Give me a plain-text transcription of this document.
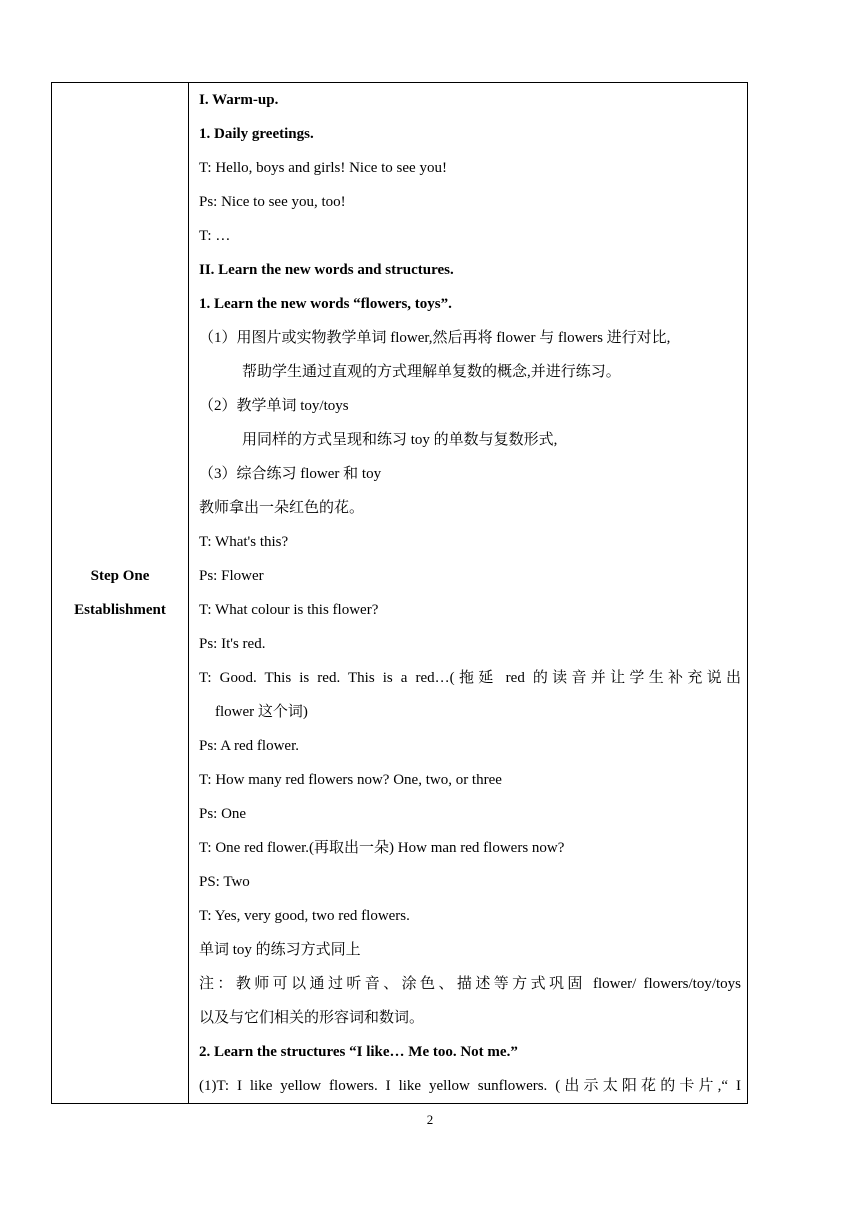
Step One
Establishment

I. Warm-up.
1. Daily greetings.
T: Hello, boys and girls! Nice to see you!
Ps: Nice to see you, too!
T: …
II. Learn the new words and structures.
1. Learn the new words “flowers, toys”.
（1）用图片或实物教学单词 flower,然后再将 flower 与 flowers 进行对比,
帮助学生通过直观的方式理解单复数的概念,并进行练习。
（2）教学单词 toy/toys
用同样的方式呈现和练习 toy 的单数与复数形式,
（3）综合练习 flower 和 toy
教师拿出一朵红色的花。
T: What's this?
Ps: Flower
T: What colour is this flower?
Ps: It's red.
T: Good. This is red. This is a red…(拖延 red 的读音并让学生补充说出
flower 这个词)
Ps: A red flower.
T: How many red flowers now? One, two, or three
Ps: One
T: One red flower.(再取出一朵) How man red flowers now?
PS: Two
T: Yes, very good, two red flowers.
单词 toy 的练习方式同上
注：教师可以通过听音、涂色、描述等方式巩固 flower/ flowers/toy/toys
以及与它们相关的形容词和数词。
2. Learn the structures “I like… Me too. Not me.”
(1)T: I like yellow flowers. I like yellow sunflowers. (出示太阳花的卡片,“ I
2
